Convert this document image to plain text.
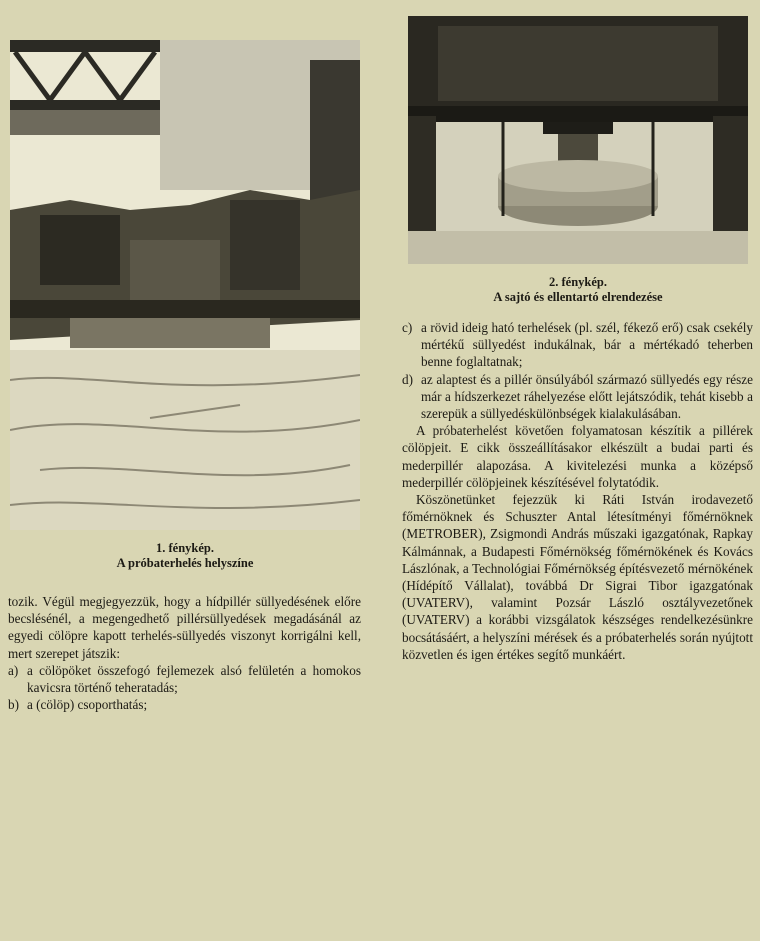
1. fénykép.
A próbaterhelés helyszíne
2. fénykép.
A sajtó és ellentartó elrendezése

tozik. Végül megjegyezzük, hogy a hídpillér süllyedésének előre becslésénél, a megengedhető pillérsüllyedések megadásánál az egyedi cölöpre kapott terhelés-süllyedés viszonyt korrigálni kell, mert szerepet játszik:

a) a cölöpöket összefogó fejlemezek alsó felületén a homokos kavicsra történő teheratadás;
b) a (cölöp) csoporthatás;
c) a rövid ideig ható terhelések (pl. szél, fékező erő) csak csekély mértékű süllyedést indukálnak, bár a mértékadó teherben benne foglaltatnak;
d) az alaptest és a pillér önsúlyából származó süllyedés egy része már a hídszerkezet ráhelyezése előtt lejátszódik, tehát kisebb a szerepük a süllyedéskülönbségek kialakulásában.

A próbaterhelést követően folyamatosan készítik a pillérek cölöpjeit. E cikk összeállításakor elkészült a budai parti és mederpillér alapozása. A kivitelezési munka a középső mederpillér cölöpjeinek készítésével folytatódik.

Köszönetünket fejezzük ki Ráti István irodavezető főmérnöknek és Schuszter Antal létesítményi főmérnöknek (METROBER), Zsigmondi András műszaki igazgatónak, Rapkay Kálmánnak, a Budapesti Főmérnökség főmérnökének és Kovács Lászlónak, a Technológiai Főmérnökség építésvezető mérnökének (Hídépítő Vállalat), továbbá Dr Sigrai Tibor igazgatónak (UVATERV), valamint Pozsár László osztályvezetőnek (UVATERV) a korábbi vizsgálatok készséges rendelkezésünkre bocsátásáért, a helyszíni mérések és a próbaterhelés során nyújtott közvetlen és igen értékes segítő munkáért.
